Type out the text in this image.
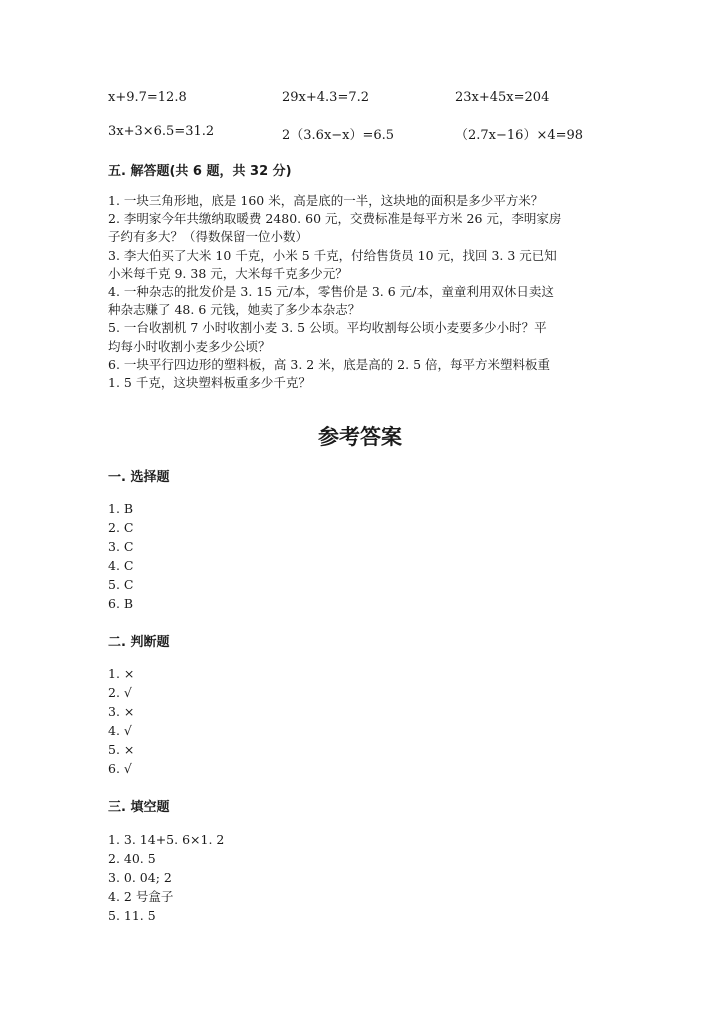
x+9.7=12.8	29x+4.3=7.2	23x+45x=204
3x+3×6.5=31.2	2（3.6x−x）=6.5	（2.7x−16）×4=98
五. 解答题(共 6 题，共 32 分)
1. 一块三角形地，底是 160 米，高是底的一半，这块地的面积是多少平方米？
2. 李明家今年共缴纳取暖费 2480. 60 元，交费标准是每平方米 26 元，李明家房
子约有多大？（得数保留一位小数）
3. 李大伯买了大米 10 千克，小米 5 千克，付给售货员 10 元，找回 3. 3 元已知
小米每千克 9. 38 元，大米每千克多少元？
4. 一种杂志的批发价是 3. 15 元/本，零售价是 3. 6 元/本，童童利用双休日卖这
种杂志赚了 48. 6 元钱，她卖了多少本杂志？
5. 一台收割机 7 小时收割小麦 3. 5 公顷。平均收割每公顷小麦要多少小时？平
均每小时收割小麦多少公顷？
6. 一块平行四边形的塑料板，高 3. 2 米，底是高的 2. 5 倍，每平方米塑料板重
1. 5 千克，这块塑料板重多少千克？
参考答案
一. 选择题
1. B
2. C
3. C
4. C
5. C
6. B
二. 判断题
1. ×
2. √
3. ×
4. √
5. ×
6. √
三. 填空题
1. 3. 14+5. 6×1. 2
2. 40. 5
3. 0. 04; 2
4. 2 号盒子
5. 11. 5
